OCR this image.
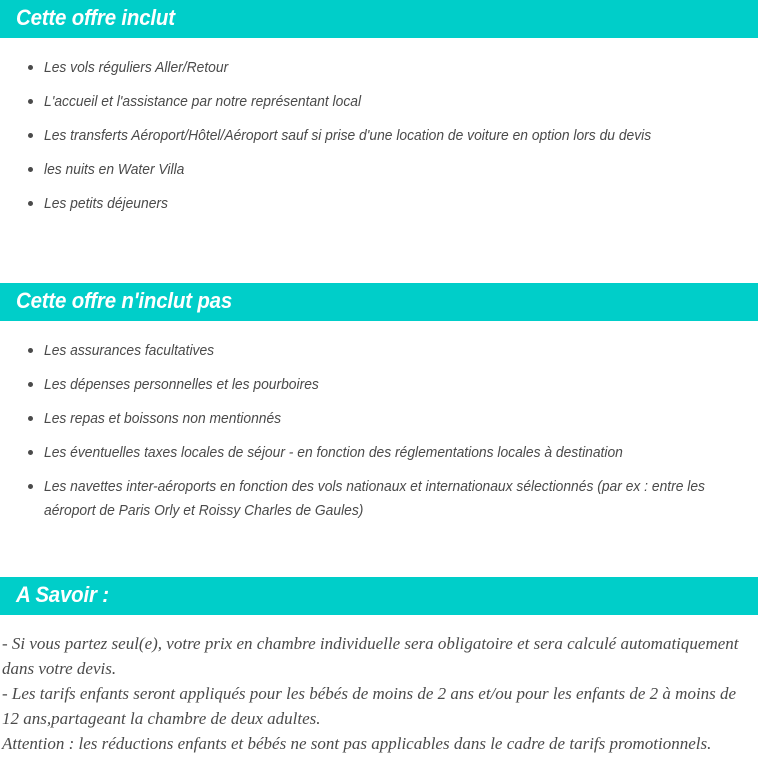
Cette offre inclut
Les vols réguliers Aller/Retour
L'accueil et l'assistance par notre représentant local
Les transferts Aéroport/Hôtel/Aéroport sauf si prise d'une location de voiture en option lors du devis
les nuits en Water Villa
Les petits déjeuners
Cette offre n'inclut pas
Les assurances facultatives
Les dépenses personnelles et les pourboires
Les repas et boissons non mentionnés
Les éventuelles taxes locales de séjour - en fonction des réglementations locales à destination
Les navettes inter-aéroports en fonction des vols nationaux et internationaux sélectionnés (par ex : entre les aéroport de Paris Orly et Roissy Charles de Gaules)
A Savoir :

- Si vous partez seul(e), votre prix en chambre individuelle sera obligatoire et sera calculé automatiquement dans votre devis.

- Les tarifs enfants seront appliqués pour les bébés de moins de 2 ans et/ou pour les enfants de 2 à moins de 12 ans,partageant la chambre de deux adultes.

Attention : les réductions enfants et bébés ne sont pas applicables dans le cadre de tarifs promotionnels.
